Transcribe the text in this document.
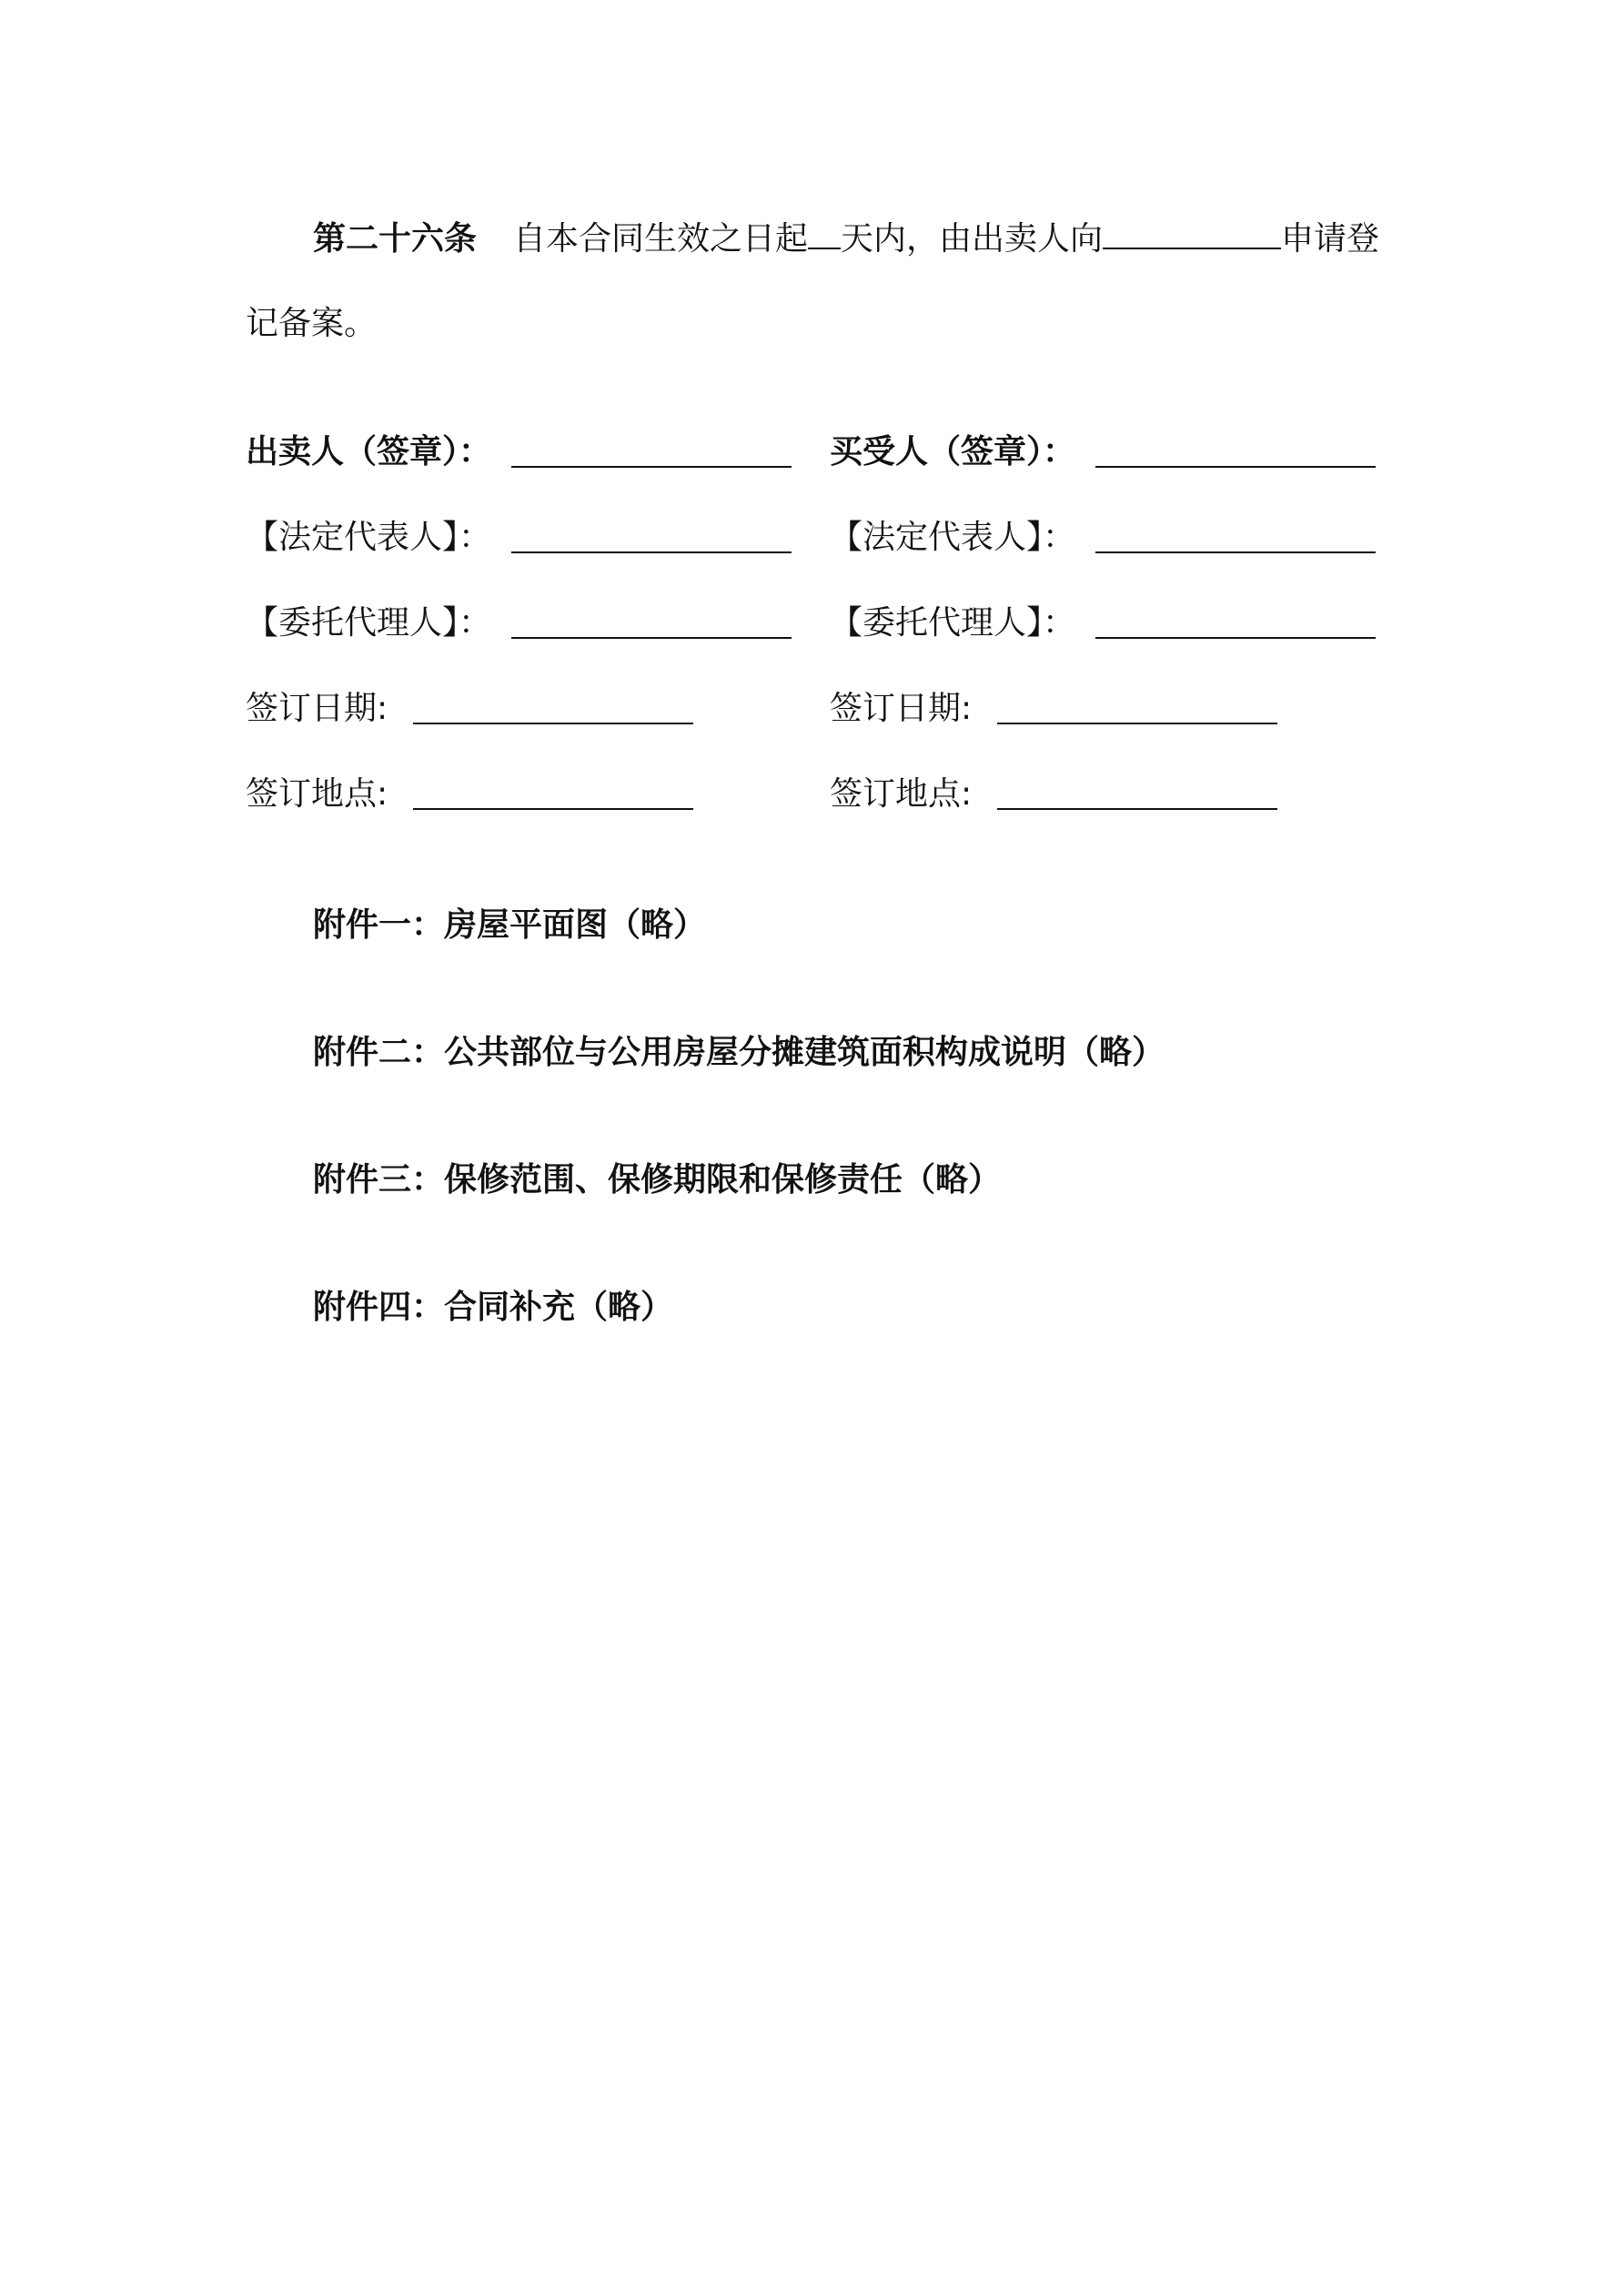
第二十六条 自本合同生效之日起 天内，由出卖人向	申请登
记备案。
出卖人（签章）：	买受人（签章）：
【法定代表人】：	【法定代表人】：
【委托代理人】：	【委托代理人】：
签订日期:	签订日期:
签订地点:	签订地点:
附件一：房屋平面图（略）
附件二：公共部位与公用房屋分摊建筑面积构成说明（略）
附件三：保修范围、保修期限和保修责任（略）
附件四：合同补充（略）
